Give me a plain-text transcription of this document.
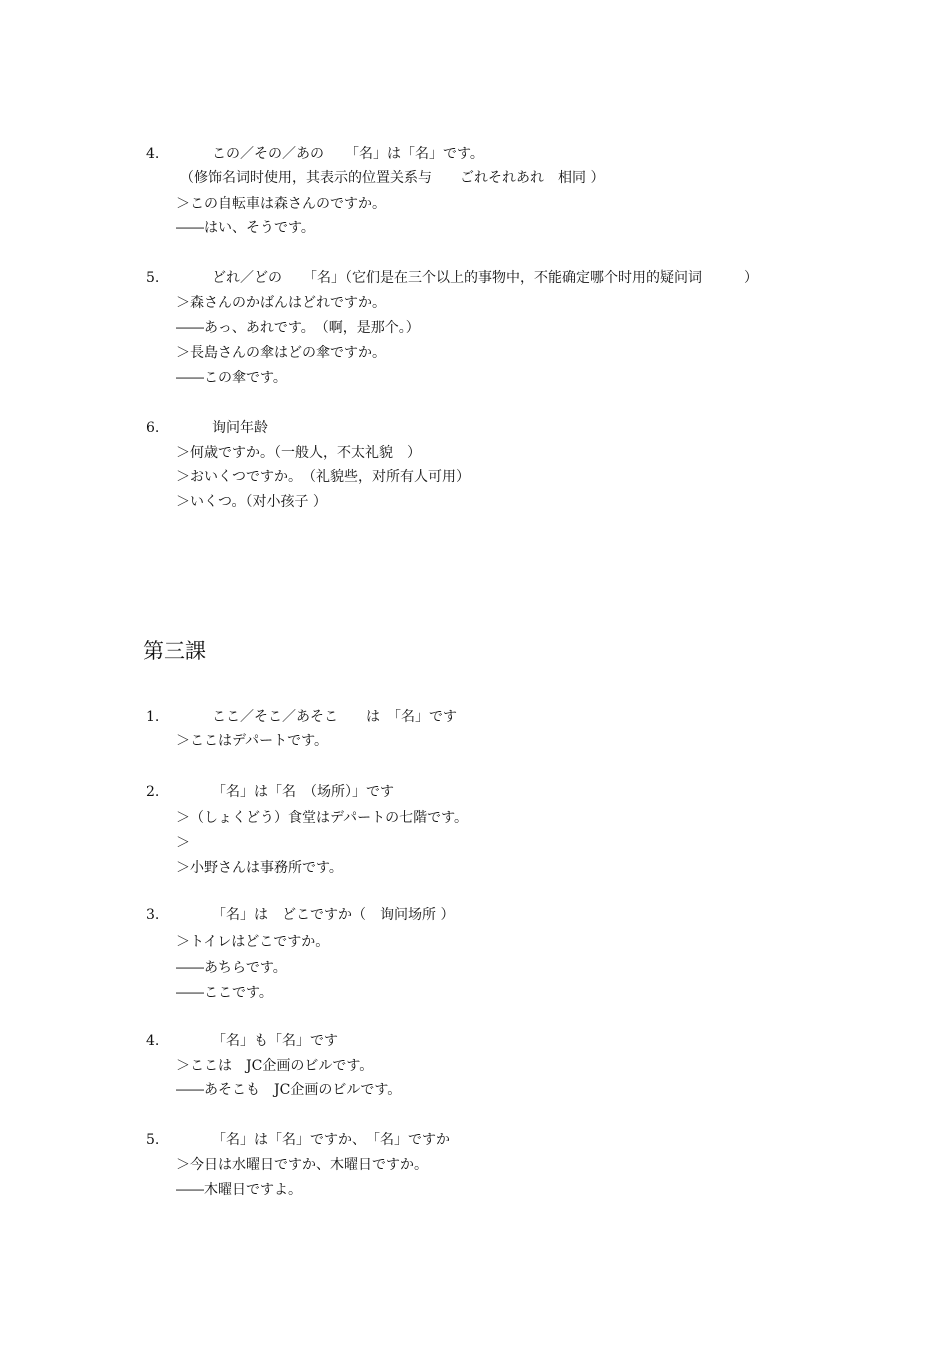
4.	この／その／あの　　「名」は「名」です。
（修饰名词时使用，其表示的位置关系与　　ごれそれあれ　相同 ）
＞この自転車は森さんのですか。
――はい、そうです。
5.	どれ／どの　　「名」（它们是在三个以上的事物中，不能确定哪个时用的疑问词　　　）
＞森さんのかばんはどれですか。
――あっ、あれです。　（啊，是那个。）
＞長島さんの傘はどの傘ですか。
――この傘です。
6.	询问年龄
＞何歳ですか。（一般人，不太礼貌　）
＞おいくつですか。　（礼貌些，对所有人可用）
＞いくつ。（对小孩子 ）
第三課
1.	ここ／そこ／あそこ　　は　「名」です
＞ここはデパートです。
2.	「名」は「名　（场所）」です
＞（しょくどう）食堂はデパートの七階です。
＞
＞小野さんは事務所です。
3.	「名」は　どこですか（　询问场所 ）
＞トイレはどこですか。
――あちらです。
――ここです。
4.	「名」も「名」です
＞ここは　JC企画のビルです。
――あそこも　JC企画のビルです。
5.	「名」は「名」ですか、　「名」ですか
＞今日は水曜日ですか、木曜日ですか。
――木曜日ですよ。
